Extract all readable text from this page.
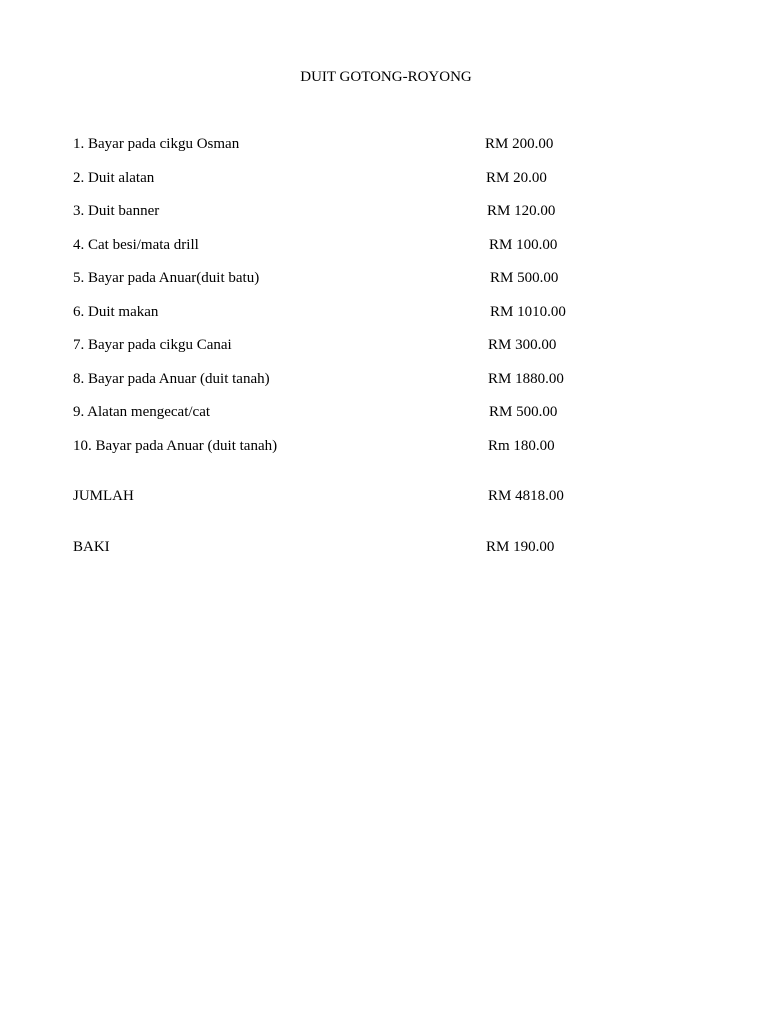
DUIT GOTONG-ROYONG
1. Bayar pada cikgu Osman	RM 200.00
2. Duit alatan	RM 20.00
3. Duit banner	RM 120.00
4. Cat besi/mata drill	RM 100.00
5. Bayar pada Anuar(duit batu)	RM 500.00
6. Duit makan	RM 1010.00
7. Bayar pada cikgu Canai	RM 300.00
8. Bayar pada Anuar (duit tanah)	RM 1880.00
9. Alatan mengecat/cat	RM 500.00
10. Bayar pada Anuar (duit tanah)	Rm 180.00
JUMLAH	RM 4818.00
BAKI	RM 190.00
